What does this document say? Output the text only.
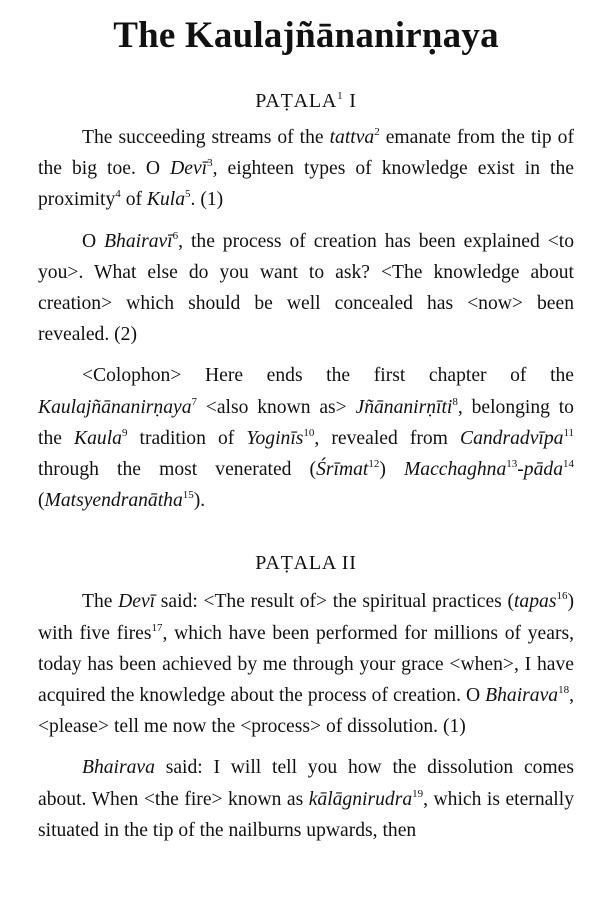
The Kaulajñānanirṇaya
PAṬALA$^1$ I

The succeeding streams of the tattva$^2$ emanate from the tip of the big toe. O Devī$^3$, eighteen types of knowledge exist in the proximity$^4$ of Kula$^5$. (1)

O Bhairavī$^6$, the process of creation has been explained <to you>. What else do you want to ask? <The knowledge about creation> which should be well concealed has <now> been revealed. (2)

<Colophon> Here ends the first chapter of the Kaulajñānanirṇaya$^7$ <also known as> Jñānanirṇīti$^8$, belonging to the Kaula$^9$ tradition of Yoginīs$^{10}$, revealed from Candradvīpa$^{11}$ through the most venerated (Śrīmat$^{12}$) Macchaghna$^{13}$-pāda$^{14}$ (Matsyendranātha$^{15}$).

PAṬALA II

The Devī said: <The result of> the spiritual practices (tapas$^{16}$) with five fires$^{17}$, which have been performed for millions of years, today has been achieved by me through your grace <when>, I have acquired the knowledge about the process of creation. O Bhairava$^{18}$, <please> tell me now the <process> of dissolution. (1)

Bhairava said: I will tell you how the dissolution comes about. When <the fire> known as kālāgnirudra$^{19}$, which is eternally situated in the tip of the nailburns upwards, then
